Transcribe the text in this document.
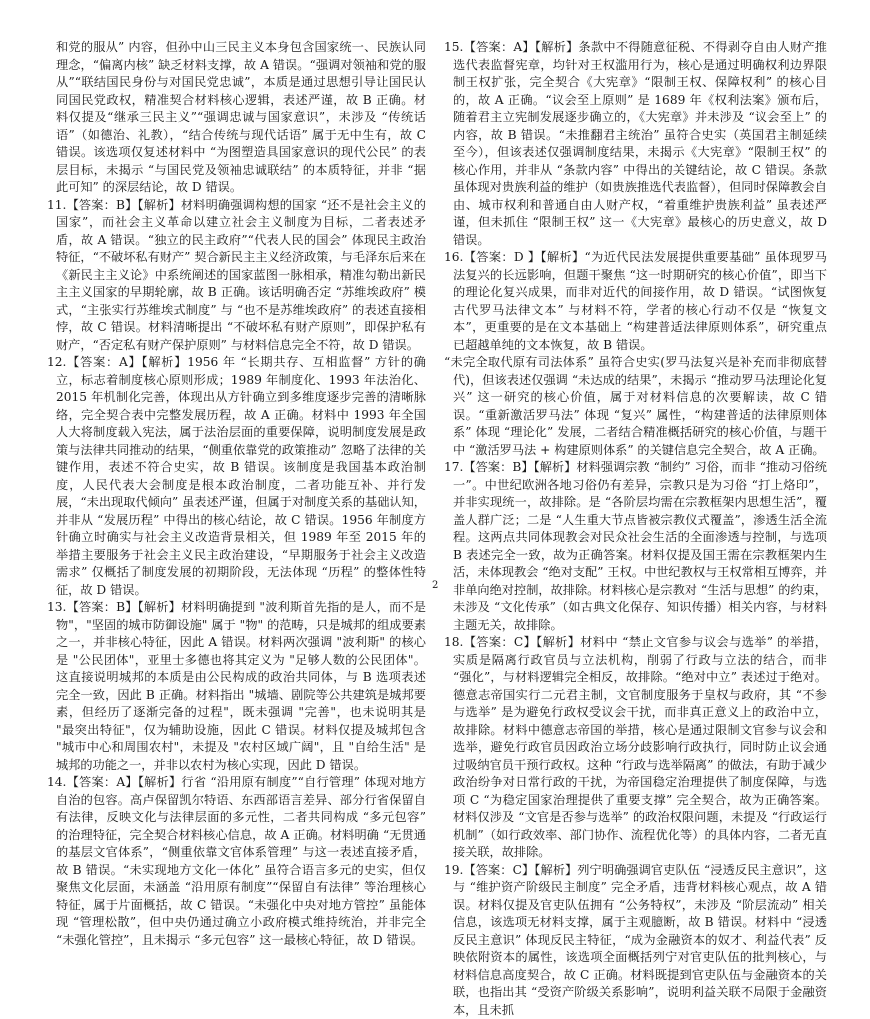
和党的服从” 内容，但孙中山三民主义本身包含国家统一、民族认同理念，“偏离内核” 缺乏材料支撑，故 A 错误。“强调对领袖和党的服从”“联结国民身份与对国民党忠诚”，本质是通过思想引导让国民认同国民党政权，精准契合材料核心逻辑，表述严谨，故 B 正确。材料仅提及“继承三民主义”“强调忠诚与国家意识”，未涉及 “传统话语”（如德治、礼教），“结合传统与现代话语” 属于无中生有，故 C 错误。该选项仅复述材料中 “为图塑造具国家意识的现代公民” 的表层目标，未揭示 “与国民党及领袖忠诚联结” 的本质特征，并非 “据此可知” 的深层结论，故 D 错误。

11.【答案：B】【解析】材料明确强调构想的国家 “还不是社会主义的国家”，而社会主义革命以建立社会主义制度为目标，二者表述矛盾，故 A 错误。“独立的民主政府”“代表人民的国会” 体现民主政治特征，“不破坏私有财产” 契合新民主主义经济政策，与毛泽东后来在《新民主主义论》中系统阐述的国家蓝图一脉相承，精准勾勒出新民主主义国家的早期轮廓，故 B 正确。该话明确否定 “苏维埃政府” 模式，“主张实行苏维埃式制度” 与 “也不是苏维埃政府” 的表述直接相悖，故 C 错误。材料清晰提出 “不破坏私有财产原则”，即保护私有财产，“否定私有财产保护原则” 与材料信息完全不符，故 D 错误。

12.【答案：A】【解析】1956 年 “长期共存、互相监督” 方针的确立，标志着制度核心原则形成；1989 年制度化、1993 年法治化、2015 年机制化完善，体现出从方针确立到多维度逐步完善的清晰脉络，完全契合表中完整发展历程，故 A 正确。材料中 1993 年全国人大将制度载入宪法，属于法治层面的重要保障，说明制度发展是政策与法律共同推动的结果，“侧重依靠党的政策推动” 忽略了法律的关键作用，表述不符合史实，故 B 错误。该制度是我国基本政治制度，人民代表大会制度是根本政治制度，二者功能互补、并行发展，“未出现取代倾向” 虽表述严谨，但属于对制度关系的基础认知，并非从 “发展历程” 中得出的核心结论，故 C 错误。1956 年制度方针确立时确实与社会主义改造背景相关，但 1989 年至 2015 年的举措主要服务于社会主义民主政治建设，“早期服务于社会主义改造需求” 仅概括了制度发展的初期阶段，无法体现 “历程” 的整体性特征，故 D 错误。

13.【答案：B】【解析】材料明确提到 "波利斯首先指的是人，而不是物"，"坚固的城市防御设施" 属于 "物" 的范畴，只是城邦的组成要素之一，并非核心特征，因此 A 错误。材料两次强调 "波利斯" 的核心是 "公民团体"，亚里士多德也将其定义为 "足够人数的公民团体"。这直接说明城邦的本质是由公民构成的政治共同体，与 B 选项表述完全一致，因此 B 正确。材料指出 "城墙、剧院等公共建筑是城邦要素，但经历了逐渐完备的过程"，既未强调 "完善"，也未说明其是 "最突出特征"，仅为辅助设施，因此 C 错误。材料仅提及城邦包含 "城市中心和周围农村"，未提及 "农村区域广阔"，且 "自给生活" 是城邦的功能之一，并非以农村为核心实现，因此 D 错误。

14.【答案：A】【解析】行省 “沿用原有制度”“自行管理” 体现对地方自治的包容。高卢保留凯尔特语、东西部语言差异、部分行省保留自有法律，反映文化与法律层面的多元性，二者共同构成 “多元包容” 的治理特征，完全契合材料核心信息，故 A 正确。材料明确 “无贯通的基层文官体系”，“侧重依靠文官体系管理” 与这一表述直接矛盾，故 B 错误。“未实现地方文化一体化” 虽符合语言多元的史实，但仅聚焦文化层面，未涵盖 “沿用原有制度”“保留自有法律” 等治理核心特征，属于片面概括，故 C 错误。“未强化中央对地方管控” 虽能体现 “管理松散”，但中央仍通过确立小政府模式维持统治，并非完全 “未强化管控”，且未揭示 “多元包容” 这一最核心特征，故 D 错误。

15.【答案：A】【解析】条款中不得随意征税、不得剥夺自由人财产推选代表监督宪章，均针对王权滥用行为，核心是通过明确权利边界限制王权扩张，完全契合《大宪章》“限制王权、保障权利” 的核心目的，故 A 正确。“议会至上原则” 是 1689 年《权利法案》颁布后，随着君主立宪制发展逐步确立的，《大宪章》并未涉及 “议会至上” 的内容，故 B 错误。“未推翻君主统治” 虽符合史实（英国君主制延续至今），但该表述仅强调制度结果，未揭示《大宪章》“限制王权” 的核心作用，并非从 “条款内容” 中得出的关键结论，故 C 错误。条款虽体现对贵族利益的维护（如贵族推选代表监督），但同时保障教会自由、城市权利和普通自由人财产权，“着重维护贵族利益” 虽表述严谨，但未抓住 “限制王权” 这一《大宪章》最核心的历史意义，故 D 错误。

16.【答案：D 】【解析】“为近代民法发展提供重要基础” 虽体现罗马法复兴的长远影响，但题干聚焦 “这一时期研究的核心价值”，即当下的理论化复兴成果，而非对近代的间接作用，故 D 错误。“试图恢复古代罗马法律文本” 与材料不符，学者的核心行动不仅是 “恢复文本”，更重要的是在文本基础上 “构建普适法律原则体系”，研究重点已超越单纯的文本恢复，故 B 错误。

“未完全取代原有司法体系” 虽符合史实(罗马法复兴是补充而非彻底替代)，但该表述仅强调 “未达成的结果”，未揭示 “推动罗马法理论化复兴” 这一研究的核心价值，属于对材料信息的次要解读，故 C 错误。“重新激活罗马法” 体现 “复兴” 属性，“构建普适的法律原则体系” 体现 “理论化” 发展，二者结合精准概括研究的核心价值，与题干中 “激活罗马法 + 构建原则体系” 的关键信息完全契合，故 A 正确。

17.【答案：B】【解析】材料强调宗教 “制约” 习俗，而非 “推动习俗统一”。中世纪欧洲各地习俗仍有差异，宗教只是为习俗 “打上烙印”，并非实现统一，故排除。是 “各阶层均需在宗教框架内思想生活”，覆盖人群广泛；二是 “人生重大节点皆被宗教仪式覆盖”，渗透生活全流程。这两点共同体现教会对民众社会生活的全面渗透与控制，与选项 B 表述完全一致，故为正确答案。材料仅提及国王需在宗教框架内生活，未体现教会 “绝对支配” 王权。中世纪教权与王权常相互博弈，并非单向绝对控制，故排除。材料核心是宗教对 “生活与思想” 的约束，未涉及 “文化传承”（如古典文化保存、知识传播）相关内容，与材料主题无关，故排除。

18.【答案：C】【解析】材料中 “禁止文官参与议会与选举” 的举措，实质是隔离行政官员与立法机构，削弱了行政与立法的结合，而非 “强化”，与材料逻辑完全相反，故排除。“绝对中立” 表述过于绝对。德意志帝国实行二元君主制，文官制度服务于皇权与政府，其 “不参与选举” 是为避免行政权受议会干扰，而非真正意义上的政治中立，故排除。材料中德意志帝国的举措，核心是通过限制文官参与议会和选举，避免行政官员因政治立场分歧影响行政执行，同时防止议会通过吸纳官员干预行政权。这种 “行政与选举隔离” 的做法，有助于减少政治纷争对日常行政的干扰，为帝国稳定治理提供了制度保障，与选项 C “为稳定国家治理提供了重要支撑” 完全契合，故为正确答案。材料仅涉及 “文官是否参与选举” 的政治权限问题，未提及 “行政运行机制”（如行政效率、部门协作、流程优化等）的具体内容，二者无直接关联，故排除。

19.【答案：C】【解析】列宁明确强调官吏队伍 “浸透反民主意识”，这与 “维护资产阶级民主制度” 完全矛盾，违背材料核心观点，故 A 错误。材料仅提及官吏队伍拥有 “公务特权”，未涉及 “阶层流动” 相关信息，该选项无材料支撑，属于主观臆断，故 B 错误。材料中 “浸透反民主意识” 体现反民主特征，“成为金融资本的奴才、利益代表” 反映依附资本的属性，该选项全面概括列宁对官吏队伍的批判核心，与材料信息高度契合，故 C 正确。材料既提到官吏队伍与金融资本的关联，也指出其 “受资产阶级关系影响”，说明利益关联不局限于金融资本，且未抓

2
